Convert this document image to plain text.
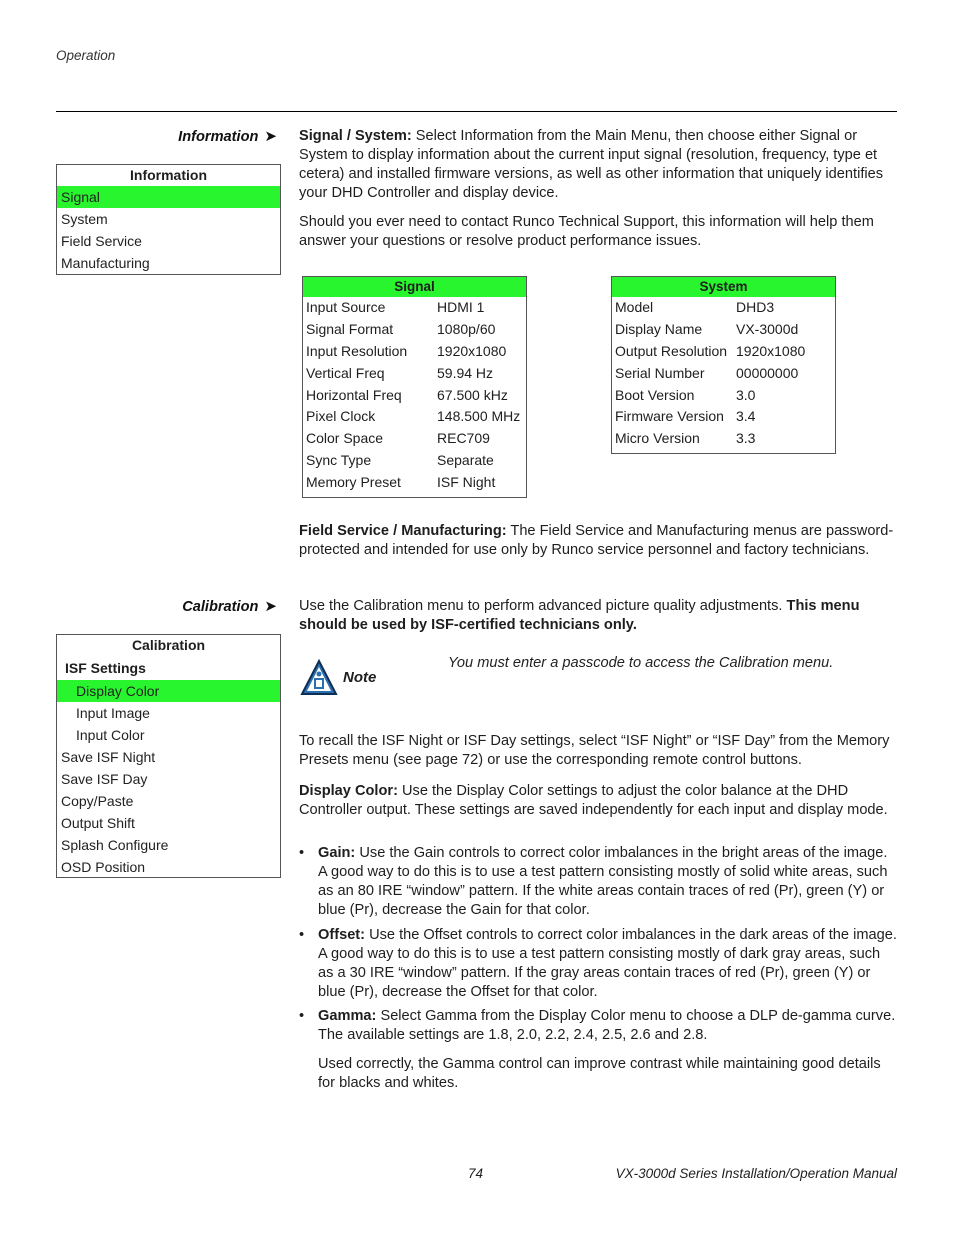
Operation
Information ➤
Information
Signal
System
Field Service
Manufacturing
Signal / System: Select Information from the Main Menu, then choose either Signal or System to display information about the current input signal (resolution, frequency, type et cetera) and installed firmware versions, as well as other information that uniquely identifies your DHD Controller and display device.
Should you ever need to contact Runco Technical Support, this information will help them answer your questions or resolve product performance issues.
Signal
Input Source	HDMI 1
Signal Format	1080p/60
Input Resolution	1920x1080
Vertical Freq	59.94 Hz
Horizontal Freq	67.500 kHz
Pixel Clock	148.500 MHz
Color Space	REC709
Sync Type	Separate
Memory Preset	ISF Night
System
Model	DHD3
Display Name	VX-3000d
Output Resolution 1920x1080
Serial Number	00000000
Boot Version	3.0
Firmware Version 3.4
Micro Version	3.3
Field Service / Manufacturing: The Field Service and Manufacturing menus are password-protected and intended for use only by Runco service personnel and factory technicians.
Calibration ➤
Calibration
ISF Settings
Display Color
Input Image
Input Color
Save ISF Night
Save ISF Day
Copy/Paste
Output Shift
Splash Configure
OSD Position
Use the Calibration menu to perform advanced picture quality adjustments. This menu should be used by ISF-certified technicians only.
Note
You must enter a passcode to access the Calibration menu.
To recall the ISF Night or ISF Day settings, select “ISF Night” or “ISF Day” from the Memory Presets menu (see page 72) or use the corresponding remote control buttons.
Display Color: Use the Display Color settings to adjust the color balance at the DHD Controller output. These settings are saved independently for each input and display mode.
• Gain: Use the Gain controls to correct color imbalances in the bright areas of the image. A good way to do this is to use a test pattern consisting mostly of solid white areas, such as an 80 IRE “window” pattern. If the white areas contain traces of red (Pr), green (Y) or blue (Pr), decrease the Gain for that color.
• Offset: Use the Offset controls to correct color imbalances in the dark areas of the image. A good way to do this is to use a test pattern consisting mostly of dark gray areas, such as a 30 IRE “window” pattern. If the gray areas contain traces of red (Pr), green (Y) or blue (Pr), decrease the Offset for that color.
• Gamma: Select Gamma from the Display Color menu to choose a DLP de-gamma curve. The available settings are 1.8, 2.0, 2.2, 2.4, 2.5, 2.6 and 2.8.
Used correctly, the Gamma control can improve contrast while maintaining good details for blacks and whites.
74	VX-3000d Series Installation/Operation Manual
